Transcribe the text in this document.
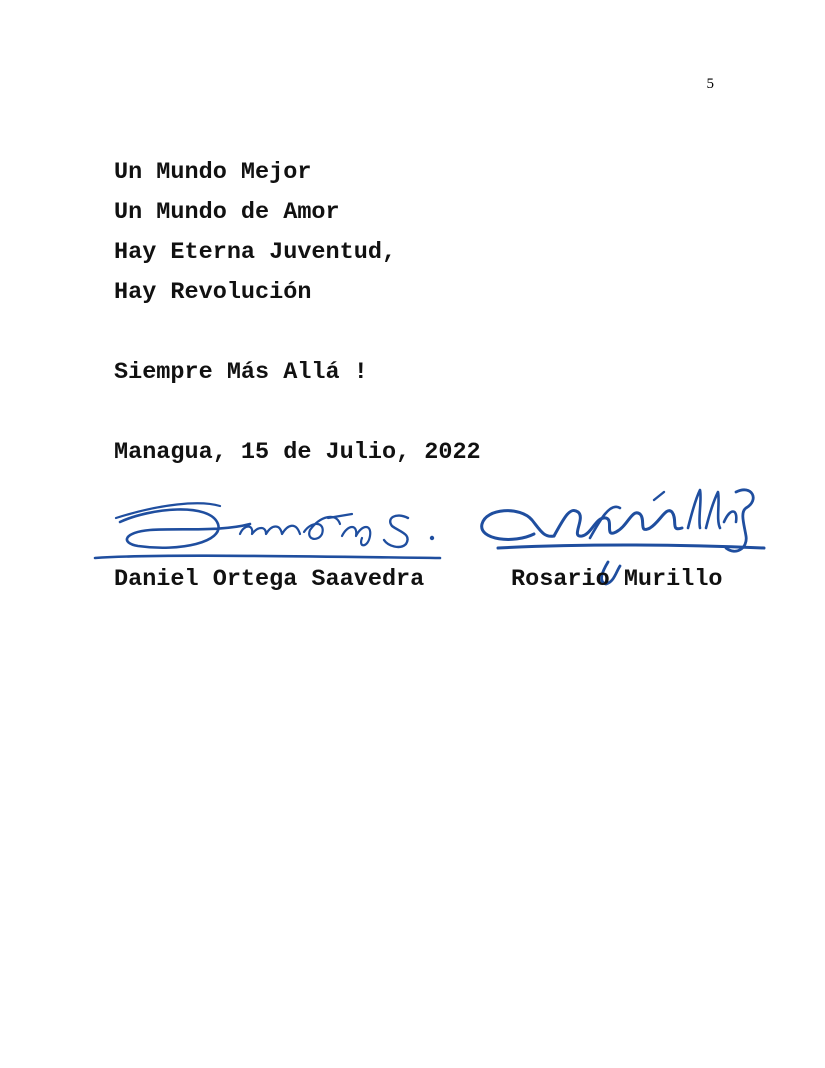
5
Un Mundo Mejor
Un Mundo de Amor
Hay Eterna Juventud,
Hay Revolución
Siempre Más Allá !
Managua, 15 de Julio, 2022
Daniel Ortega Saavedra	Rosario Murillo
